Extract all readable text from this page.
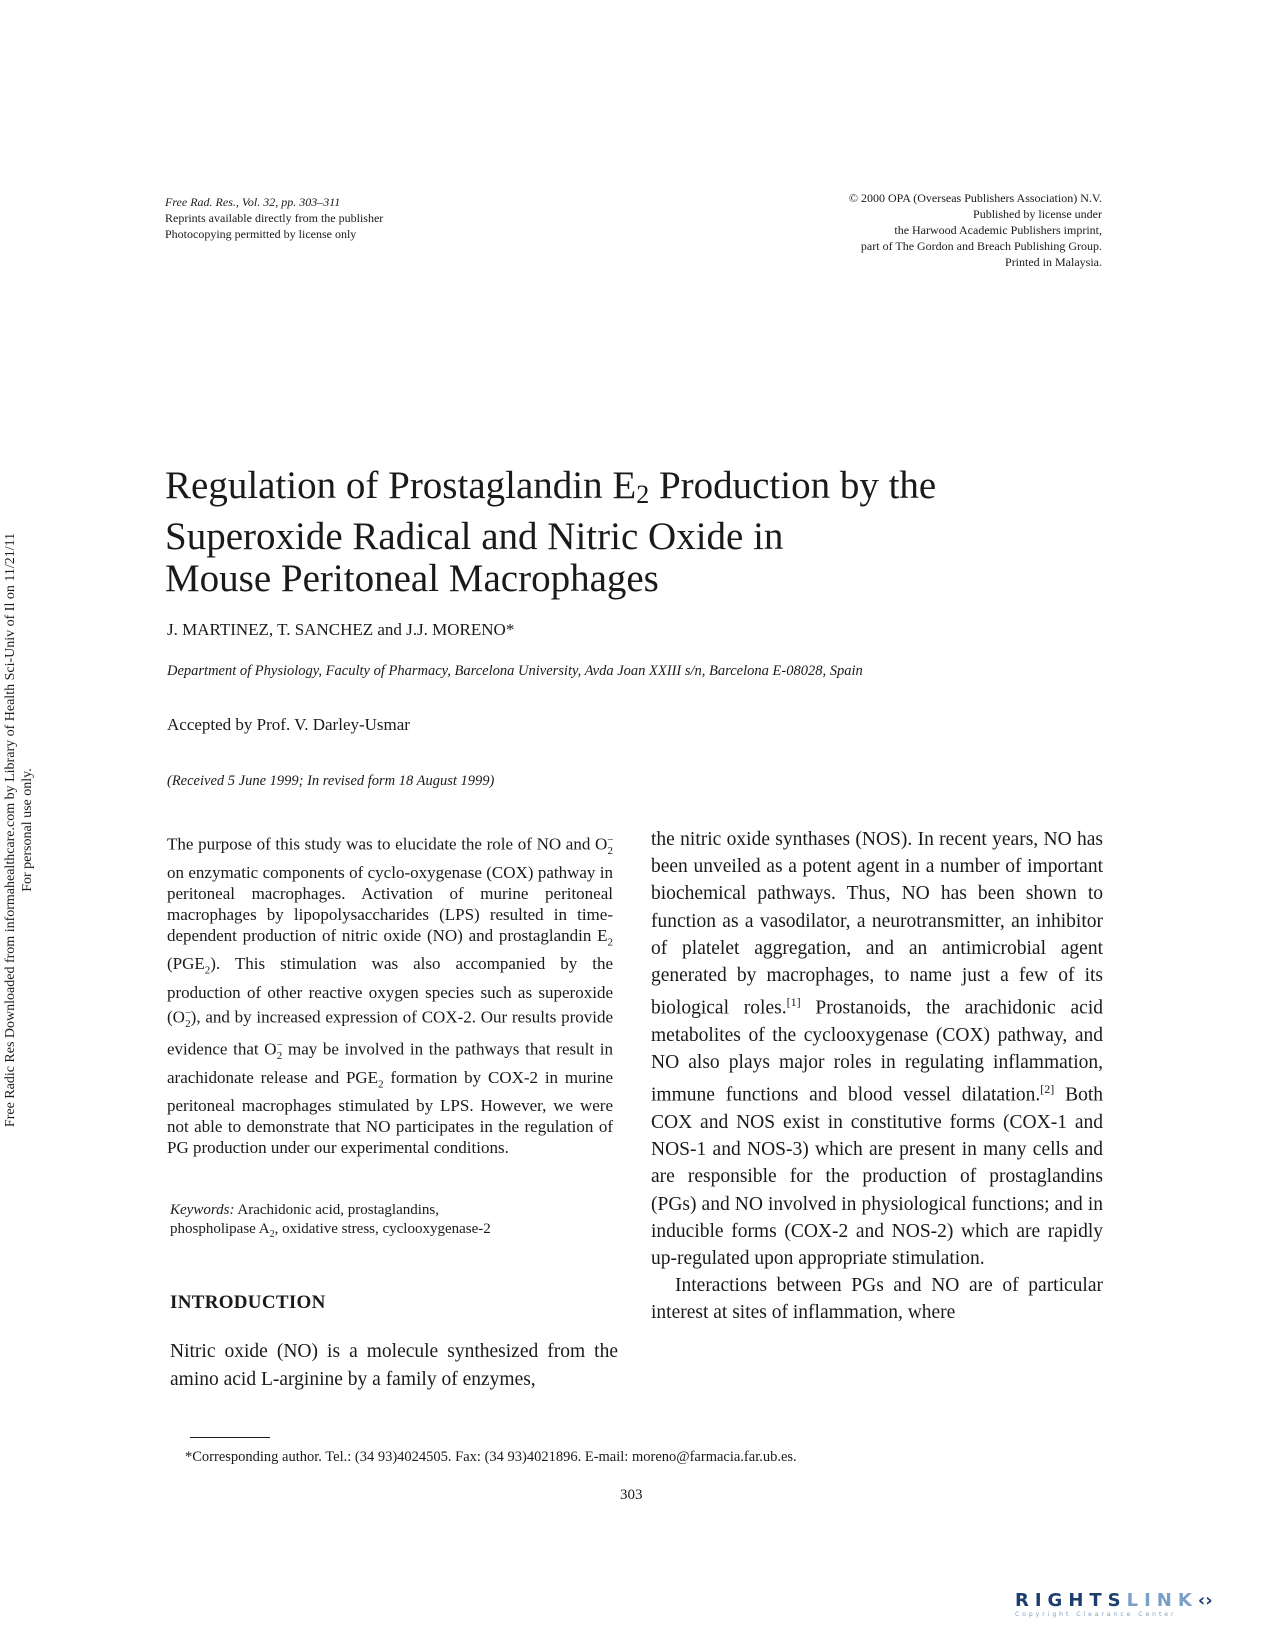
Free Rad. Res., Vol. 32, pp. 303–311
Reprints available directly from the publisher
Photocopying permitted by license only
© 2000 OPA (Overseas Publishers Association) N.V.
Published by license under
the Harwood Academic Publishers imprint,
part of The Gordon and Breach Publishing Group.
Printed in Malaysia.
Free Radic Res Downloaded from informahealthcare.com by Library of Health Sci-Univ of Il on 11/21/11 For personal use only.
Regulation of Prostaglandin $E_2$ Production by the
Superoxide Radical and Nitric Oxide in
Mouse Peritoneal Macrophages
J. MARTINEZ, T. SANCHEZ and J.J. MORENO*
Department of Physiology, Faculty of Pharmacy, Barcelona University, Avda Joan XXIII s/n, Barcelona E-08028, Spain
Accepted by Prof. V. Darley-Usmar
(Received 5 June 1999; In revised form 18 August 1999)
The purpose of this study was to elucidate the role of NO and $O^-_2$ on enzymatic components of cyclo-oxygenase (COX) pathway in peritoneal macrophages. Activation of murine peritoneal macrophages by lipopolysaccharides (LPS) resulted in time-dependent production of nitric oxide (NO) and prostaglandin $E_2$ $(PGE_2)$. This stimulation was also accompanied by the production of other reactive oxygen species such as superoxide $(O^-_2)$, and by increased expression of COX-2. Our results provide evidence that $O^-_2$ may be involved in the pathways that result in arachidonate release and $PGE_2$ formation by COX-2 in murine peritoneal macrophages stimulated by LPS. However, we were not able to demonstrate that NO participates in the regulation of PG production under our experimental conditions.
Keywords: Arachidonic acid, prostaglandins,
phospholipase $A_2$, oxidative stress, cyclooxygenase-2
INTRODUCTION
Nitric oxide (NO) is a molecule synthesized from the amino acid L-arginine by a family of enzymes,

the nitric oxide synthases (NOS). In recent years, NO has been unveiled as a potent agent in a number of important biochemical pathways. Thus, NO has been shown to function as a vasodilator, a neurotransmitter, an inhibitor of platelet aggregation, and an antimicrobial agent generated by macrophages, to name just a few of its biological roles.[1] Prostanoids, the arachidonic acid metabolites of the cyclooxygenase (COX) pathway, and NO also plays major roles in regulating inflammation, immune functions and blood vessel dilatation.[2] Both COX and NOS exist in constitutive forms (COX-1 and NOS-1 and NOS-3) which are present in many cells and are responsible for the production of prostaglandins (PGs) and NO involved in physiological functions; and in inducible forms (COX-2 and NOS-2) which are rapidly up-regulated upon appropriate stimulation.

Interactions between PGs and NO are of particular interest at sites of inflammation, where

*Corresponding author. Tel.: (34 93)4024505. Fax: (34 93)4021896. E-mail: moreno@farmacia.far.ub.es.
303
RIGHTSLINK‹›
Copyright Clearance Center
